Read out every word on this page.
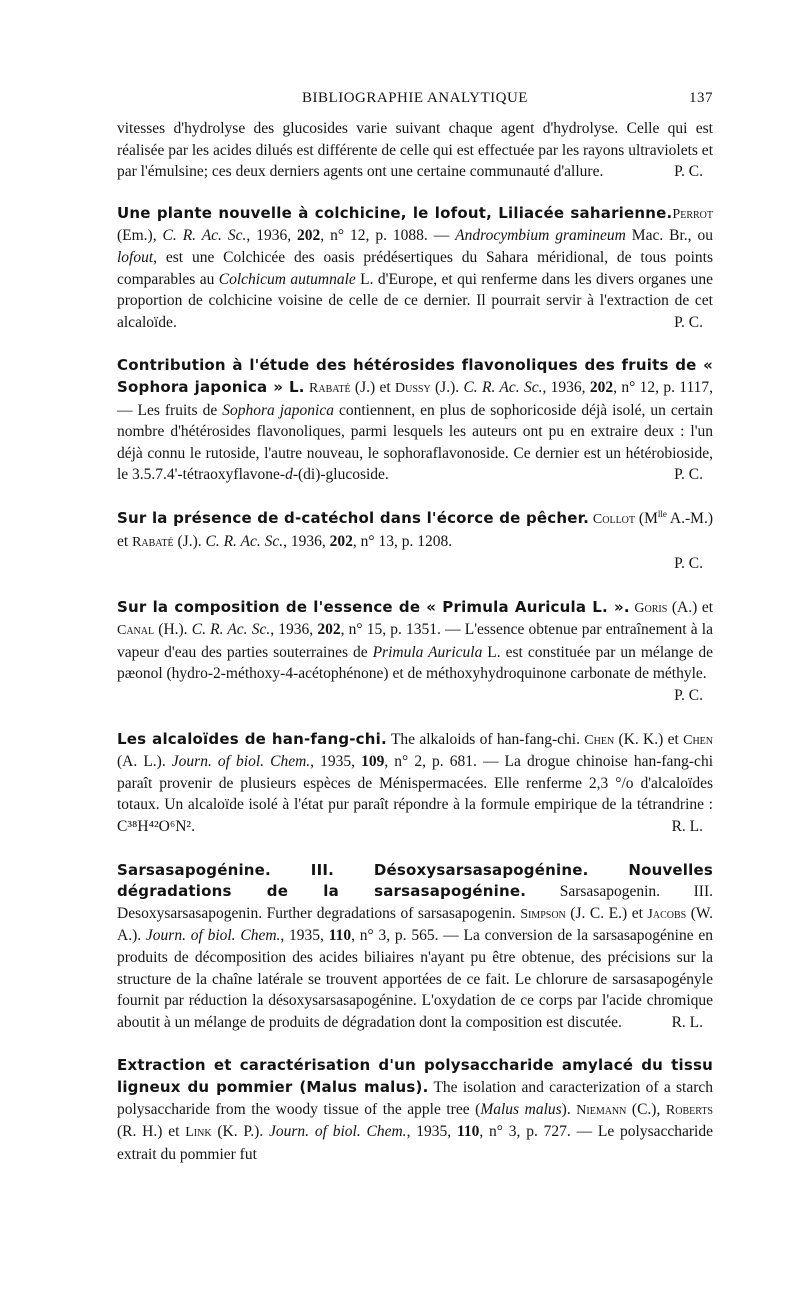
BIBLIOGRAPHIE ANALYTIQUE	137

vitesses d'hydrolyse des glucosides varie suivant chaque agent d'hydrolyse. Celle qui est réalisée par les acides dilués est différente de celle qui est effectuée par les rayons ultraviolets et par l'émulsine; ces deux derniers agents ont une certaine communauté d'allure.	P. C.

Une plante nouvelle à colchicine, le lofout, Liliacée saharienne.Perrot (Em.), C. R. Ac. Sc., 1936, 202, n° 12, p. 1088. — Androcymbium gramineum Mac. Br., ou lofout, est une Colchicée des oasis prédésertiques du Sahara méridional, de tous points comparables au Colchicum autumnale L. d'Europe, et qui renferme dans les divers organes une proportion de colchicine voisine de celle de ce dernier. Il pourrait servir à l'extraction de cet alcaloïde.	P. C.

Contribution à l'étude des hétérosides flavonoliques des fruits de « Sophora japonica » L. Rabaté (J.) et Dussy (J.). C. R. Ac. Sc., 1936, 202, n° 12, p. 1117, — Les fruits de Sophora japonica contiennent, en plus de sophoricoside déjà isolé, un certain nombre d'hétérosides flavonoliques, parmi lesquels les auteurs ont pu en extraire deux : l'un déjà connu le rutoside, l'autre nouveau, le sophoraflavonoside. Ce dernier est un hétérobioside, le 3.5.7.4'-tétraoxyflavone-d-(di)-glucoside.	P. C.

Sur la présence de d-catéchol dans l'écorce de pêcher. Collot ($M^{lle}$ A.-M.) et Rabaté (J.). C. R. Ac. Sc., 1936, 202, n° 13, p. 1208.
P. C.

Sur la composition de l'essence de « Primula Auricula L. ». Goris (A.) et Canal (H.). C. R. Ac. Sc., 1936, 202, n° 15, p. 1351. — L'essence obtenue par entraînement à la vapeur d'eau des parties souterraines de Primula Auricula L. est constituée par un mélange de pæonol (hydro-2-méthoxy-4-acétophénone) et de méthoxyhydroquinone carbonate de méthyle.
P. C.

Les alcaloïdes de han-fang-chi. The alkaloids of han-fang-chi. Chen (K. K.) et Chen (A. L.). Journ. of biol. Chem., 1935, 109, n° 2, p. 681. — La drogue chinoise han-fang-chi paraît provenir de plusieurs espèces de Ménispermacées. Elle renferme 2,3 °/o d'alcaloïdes totaux. Un alcaloïde isolé à l'état pur paraît répondre à la formule empirique de la tétrandrine : C³⁸H⁴²O⁶N².	R. L.

Sarsasapogénine. III. Désoxysarsasapogénine. Nouvelles dégradations de la sarsasapogénine. Sarsasapogenin. III. Desoxysarsasapogenin. Further degradations of sarsasapogenin. Simpson (J. C. E.) et Jacobs (W. A.). Journ. of biol. Chem., 1935, 110, n° 3, p. 565. — La conversion de la sarsasapogénine en produits de décomposition des acides biliaires n'ayant pu être obtenue, des précisions sur la structure de la chaîne latérale se trouvent apportées de ce fait. Le chlorure de sarsasapogényle fournit par réduction la désoxysarsasapogénine. L'oxydation de ce corps par l'acide chromique aboutit à un mélange de produits de dégradation dont la composition est discutée.	R. L.

Extraction et caractérisation d'un polysaccharide amylacé du tissu ligneux du pommier (Malus malus). The isolation and caracterization of a starch polysaccharide from the woody tissue of the apple tree (Malus malus). Niemann (C.), Roberts (R. H.) et Link (K. P.). Journ. of biol. Chem., 1935, 110, n° 3, p. 727. — Le polysaccharide extrait du pommier fut
